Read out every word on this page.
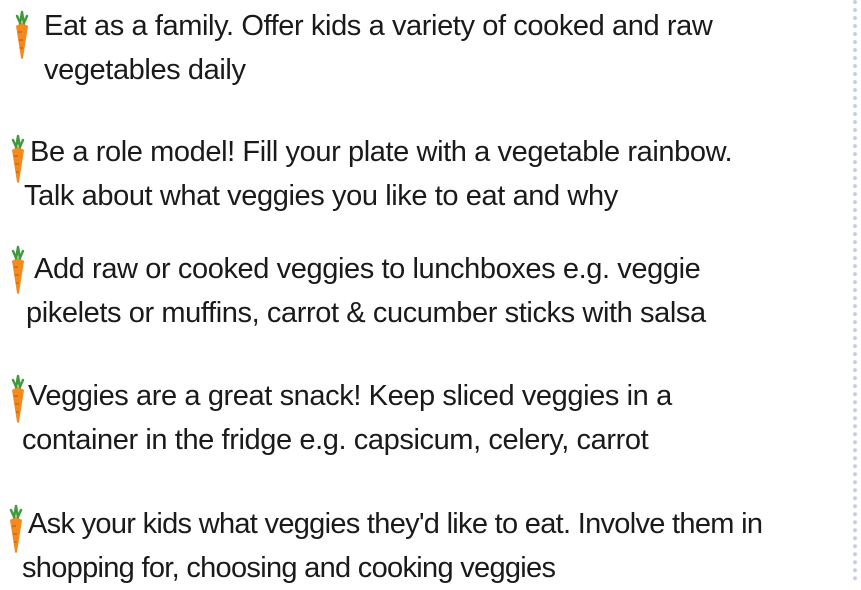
Eat as a family. Offer kids a variety of cooked and raw
vegetables daily
Be a role model! Fill your plate with a vegetable rainbow.
Talk about what veggies you like to eat and why
Add raw or cooked veggies to lunchboxes e.g. veggie
pikelets or muffins, carrot & cucumber sticks with salsa
Veggies are a great snack! Keep sliced veggies in a
container in the fridge e.g. capsicum, celery, carrot
Ask your kids what veggies they'd like to eat. Involve them in
shopping for, choosing and cooking veggies
